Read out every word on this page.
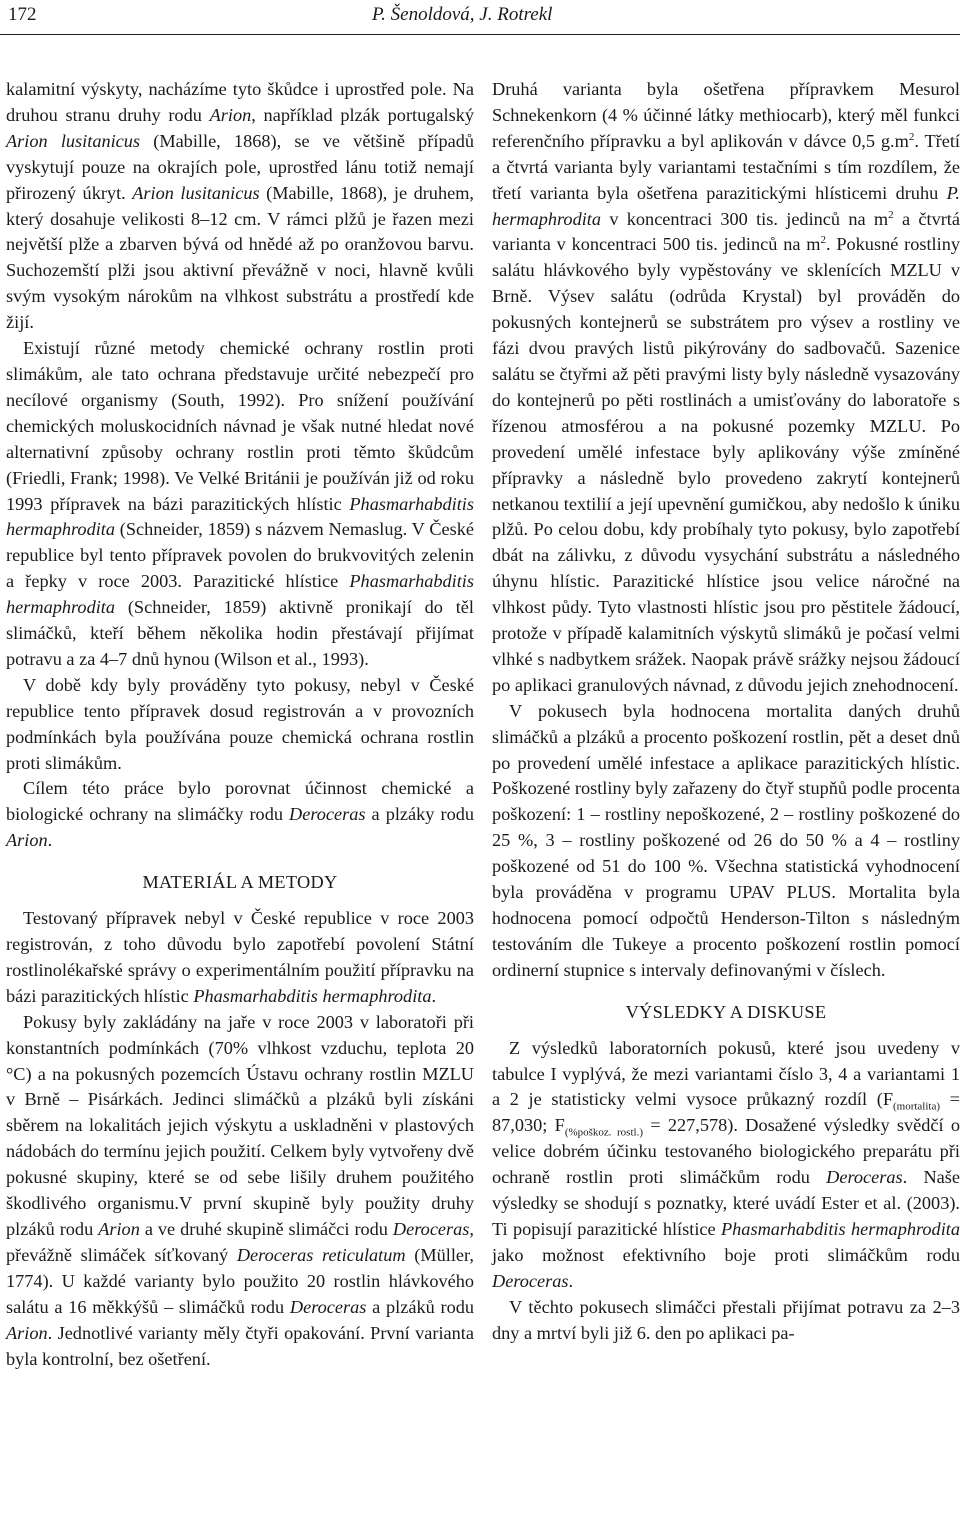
172	P. Šenoldová, J. Rotrekl

kalamitní výskyty, nacházíme tyto škůdce i uprostřed pole. Na druhou stranu druhy rodu Arion, například plzák portugalský Arion lusitanicus (Mabille, 1868), se ve většině případů vyskytují pouze na okrajích pole, uprostřed lánu totiž nemají přirozený úkryt. Arion lusitanicus (Mabille, 1868), je druhem, který dosahuje velikosti 8–12 cm. V rámci plžů je řazen mezi největší plže a zbarven bývá od hnědé až po oranžovou barvu. Suchozemští plži jsou aktivní převážně v noci, hlavně kvůli svým vysokým nárokům na vlhkost substrátu a prostředí kde žijí.

Existují různé metody chemické ochrany rostlin proti slimákům, ale tato ochrana představuje určité nebezpečí pro necílové organismy (South, 1992). Pro snížení používání chemických moluskocidních návnad je však nutné hledat nové alternativní způsoby ochrany rostlin proti těmto škůdcům (Friedli, Frank; 1998). Ve Velké Británii je používán již od roku 1993 přípravek na bázi parazitických hlístic Phasmarhabditis hermaphrodita (Schneider, 1859) s názvem Nemaslug. V České republice byl tento přípravek povolen do brukvovitých zelenin a řepky v roce 2003. Parazitické hlístice Phasmarhabditis hermaphrodita (Schneider, 1859) aktivně pronikají do těl slimáčků, kteří během několika hodin přestávají přijímat potravu a za 4–7 dnů hynou (Wilson et al., 1993).

V době kdy byly prováděny tyto pokusy, nebyl v České republice tento přípravek dosud registrován a v provozních podmínkách byla používána pouze chemická ochrana rostlin proti slimákům.

Cílem této práce bylo porovnat účinnost chemické a biologické ochrany na slimáčky rodu Deroceras a plzáky rodu Arion.

MATERIÁL A METODY

Testovaný přípravek nebyl v České republice v roce 2003 registrován, z toho důvodu bylo zapotřebí povolení Státní rostlinolékařské správy o experimentálním použití přípravku na bázi parazitických hlístic Phasmarhabditis hermaphrodita.

Pokusy byly zakládány na jaře v roce 2003 v laboratoři při konstantních podmínkách (70% vlhkost vzduchu, teplota 20 °C) a na pokusných pozemcích Ústavu ochrany rostlin MZLU v Brně – Pisárkách. Jedinci slimáčků a plzáků byli získáni sběrem na lokalitách jejich výskytu a uskladněni v plastových nádobách do termínu jejich použití. Celkem byly vytvořeny dvě pokusné skupiny, které se od sebe lišily druhem použitého škodlivého organismu.V první skupině byly použity druhy plzáků rodu Arion a ve druhé skupině slimáčci rodu Deroceras, převážně slimáček síťkovaný Deroceras reticulatum (Müller, 1774). U každé varianty bylo použito 20 rostlin hlávkového salátu a 16 měkkýšů – slimáčků rodu Deroceras a plzáků rodu Arion. Jednotlivé varianty měly čtyři opakování. První varianta byla kontrolní, bez ošetření.

Druhá varianta byla ošetřena přípravkem Mesurol Schnekenkorn (4 % účinné látky methiocarb), který měl funkci referenčního přípravku a byl aplikován v dávce 0,5 $g.m^2$. Třetí a čtvrtá varianta byly variantami testačními s tím rozdílem, že třetí varianta byla ošetřena parazitickými hlísticemi druhu P. hermaphrodita v koncentraci 300 tis. jedinců na $m^2$ a čtvrtá varianta v koncentraci 500 tis. jedinců na $m^2$. Pokusné rostliny salátu hlávkového byly vypěstovány ve sklenících MZLU v Brně. Výsev salátu (odrůda Krystal) byl prováděn do pokusných kontejnerů se substrátem pro výsev a rostliny ve fázi dvou pravých listů pikýrovány do sadbovačů. Sazenice salátu se čtyřmi až pěti pravými listy byly následně vysazovány do kontejnerů po pěti rostlinách a umisťovány do laboratoře s řízenou atmosférou a na pokusné pozemky MZLU. Po provedení umělé infestace byly aplikovány výše zmíněné přípravky a následně bylo provedeno zakrytí kontejnerů netkanou textilií a její upevnění gumičkou, aby nedošlo k úniku plžů. Po celou dobu, kdy probíhaly tyto pokusy, bylo zapotřebí dbát na zálivku, z důvodu vysychání substrátu a následného úhynu hlístic. Parazitické hlístice jsou velice náročné na vlhkost půdy. Tyto vlastnosti hlístic jsou pro pěstitele žádoucí, protože v případě kalamitních výskytů slimáků je počasí velmi vlhké s nadbytkem srážek. Naopak právě srážky nejsou žádoucí po aplikaci granulových návnad, z důvodu jejich znehodnocení.

V pokusech byla hodnocena mortalita daných druhů slimáčků a plzáků a procento poškození rostlin, pět a deset dnů po provedení umělé infestace a aplikace parazitických hlístic. Poškozené rostliny byly zařazeny do čtyř stupňů podle procenta poškození: 1 – rostliny nepoškozené, 2 – rostliny poškozené do 25 %, 3 – rostliny poškozené od 26 do 50 % a 4 – rostliny poškozené od 51 do 100 %. Všechna statistická vyhodnocení byla prováděna v programu UPAV PLUS. Mortalita byla hodnocena pomocí odpočtů Henderson-Tilton s následným testováním dle Tukeye a procento poškození rostlin pomocí ordinerní stupnice s intervaly definovanými v číslech.

VÝSLEDKY A DISKUSE

Z výsledků laboratorních pokusů, které jsou uvedeny v tabulce I vyplývá, že mezi variantami číslo 3, 4 a variantami 1 a 2 je statisticky velmi vysoce průkazný rozdíl ($F_{(mortalita)} = 87,030$; $F_{(\%poškoz. rostl.)} = 227,578$). Dosažené výsledky svědčí o velice dobrém účinku testovaného biologického preparátu při ochraně rostlin proti slimáčkům rodu Deroceras. Naše výsledky se shodují s poznatky, které uvádí Ester et al. (2003). Ti popisují parazitické hlístice Phasmarhabditis hermaphrodita jako možnost efektivního boje proti slimáčkům rodu Deroceras.

V těchto pokusech slimáčci přestali přijímat potravu za 2–3 dny a mrtví byli již 6. den po aplikaci pa-
